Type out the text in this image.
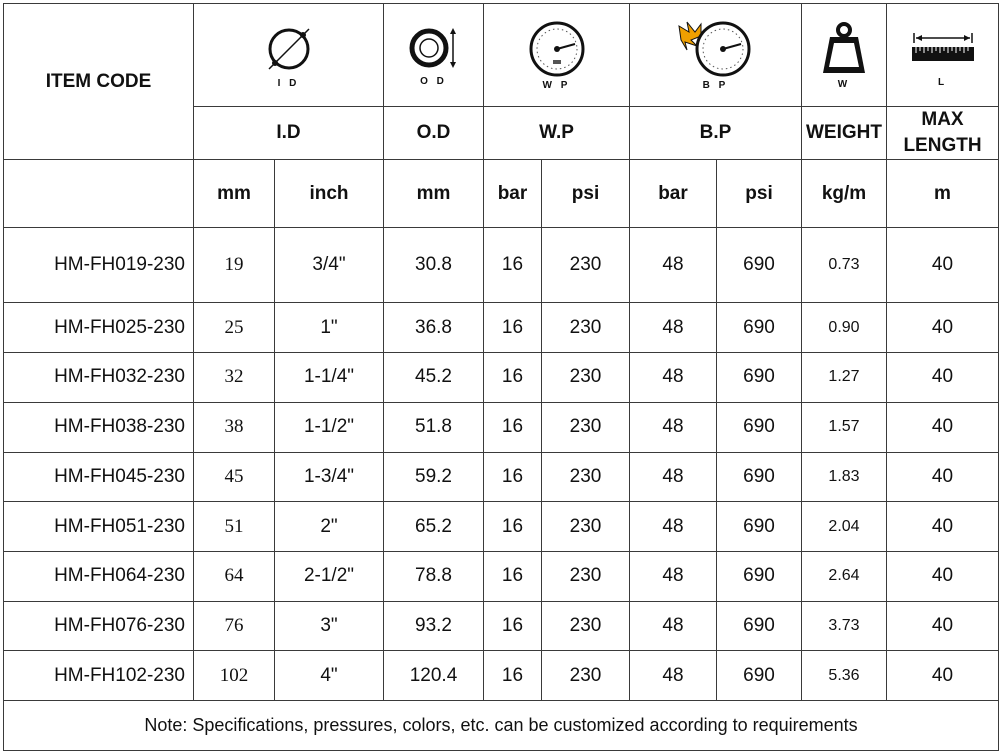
ITEM CODE	I D		O D	W P		B P		W	L

	I.D		O.D	W.P		B.P		WEIGHT	MAX
LENGTH
	mm	inch	mm	bar	psi	bar	psi	kg/m	m
HM-FH019-230	19	3/4"	30.8	16	230	48	690	0.73	40
HM-FH025-230	25	1"	36.8	16	230	48	690	0.90	40
HM-FH032-230	32	1-1/4"	45.2	16	230	48	690	1.27	40
HM-FH038-230	38	1-1/2"	51.8	16	230	48	690	1.57	40
HM-FH045-230	45	1-3/4"	59.2	16	230	48	690	1.83	40
HM-FH051-230	51	2"	65.2	16	230	48	690	2.04	40
HM-FH064-230	64	2-1/2"	78.8	16	230	48	690	2.64	40
HM-FH076-230	76	3"	93.2	16	230	48	690	3.73	40
HM-FH102-230	102	4"	120.4	16	230	48	690	5.36	40
Note: Specifications, pressures, colors, etc. can be customized according to requirements									
